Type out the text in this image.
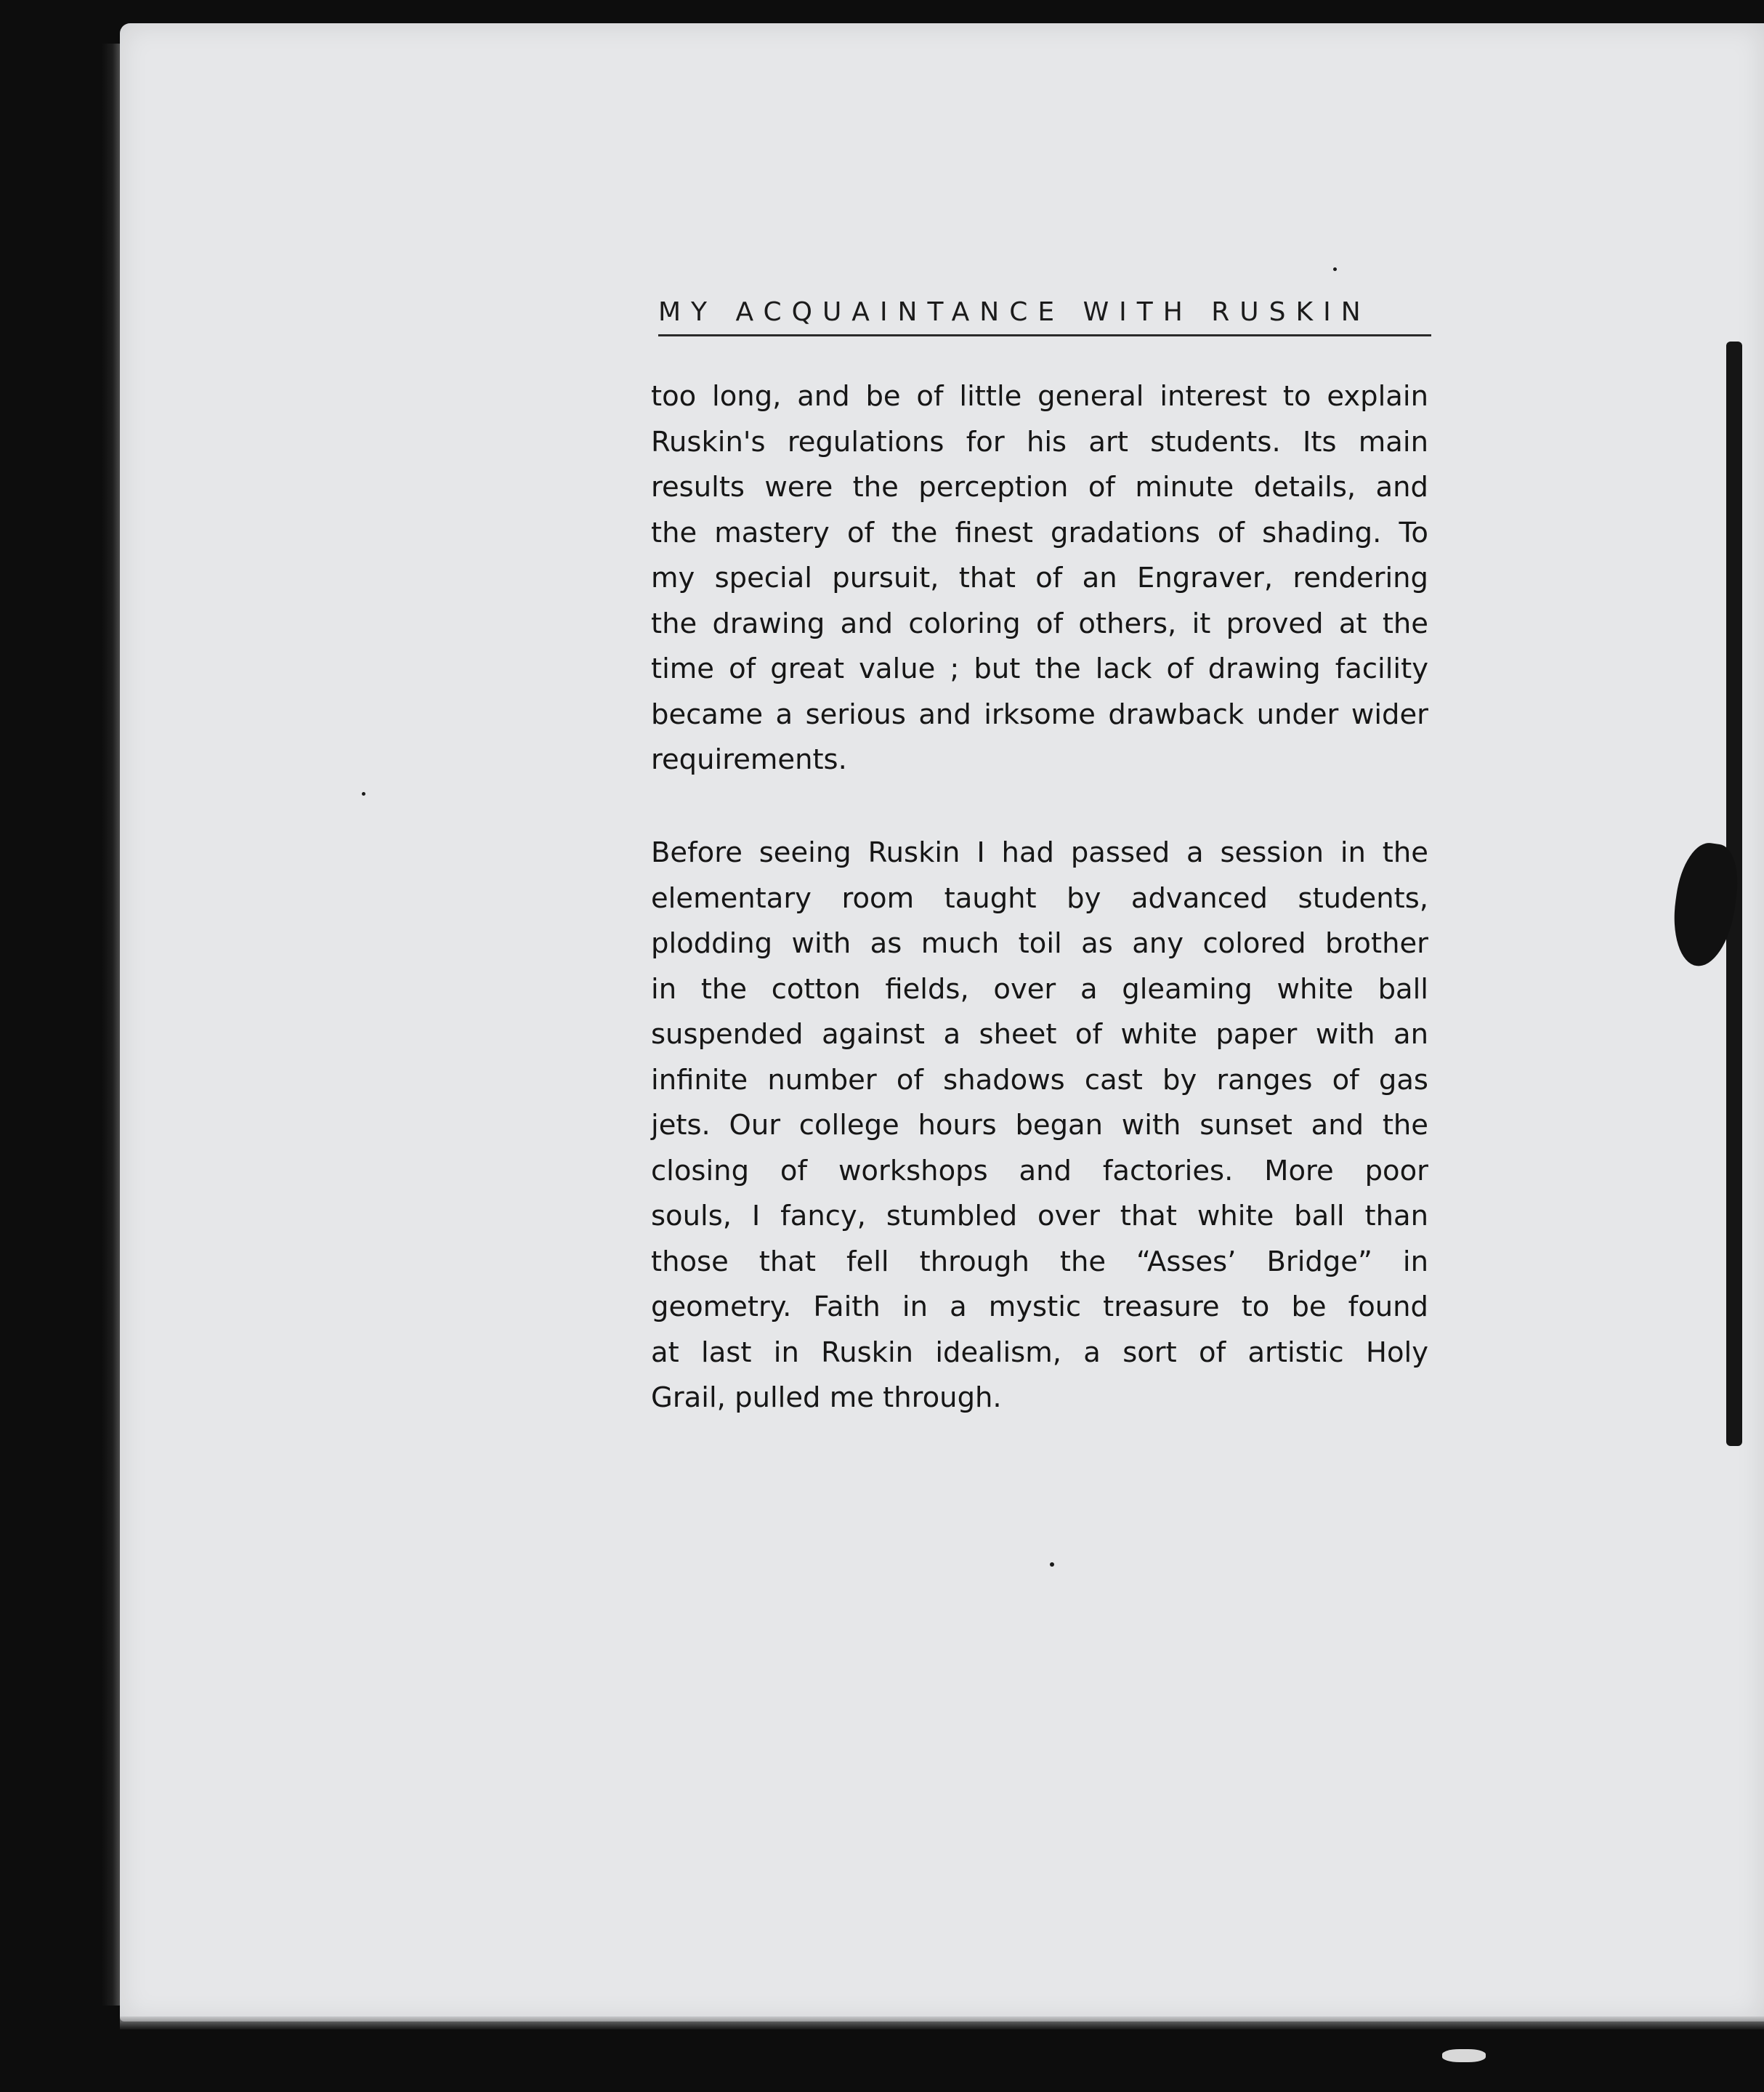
MY ACQUAINTANCE WITH RUSKIN
too long, and be of little general interest to explain
Ruskin's regulations for his art students. Its main
results were the perception of minute details, and
the mastery of the finest gradations of shading. To
my special pursuit, that of an Engraver, rendering
the drawing and coloring of others, it proved at the
time of great value ; but the lack of drawing facility
became a serious and irksome drawback under wider
requirements.
Before seeing Ruskin I had passed a session in the
elementary room taught by advanced students,
plodding with as much toil as any colored brother
in the cotton fields, over a gleaming white ball
suspended against a sheet of white paper with an
infinite number of shadows cast by ranges of gas
jets. Our college hours began with sunset and the
closing of workshops and factories. More poor
souls, I fancy, stumbled over that white ball than
those that fell through the “Asses’ Bridge” in
geometry. Faith in a mystic treasure to be found
at last in Ruskin idealism, a sort of artistic Holy
Grail, pulled me through.
